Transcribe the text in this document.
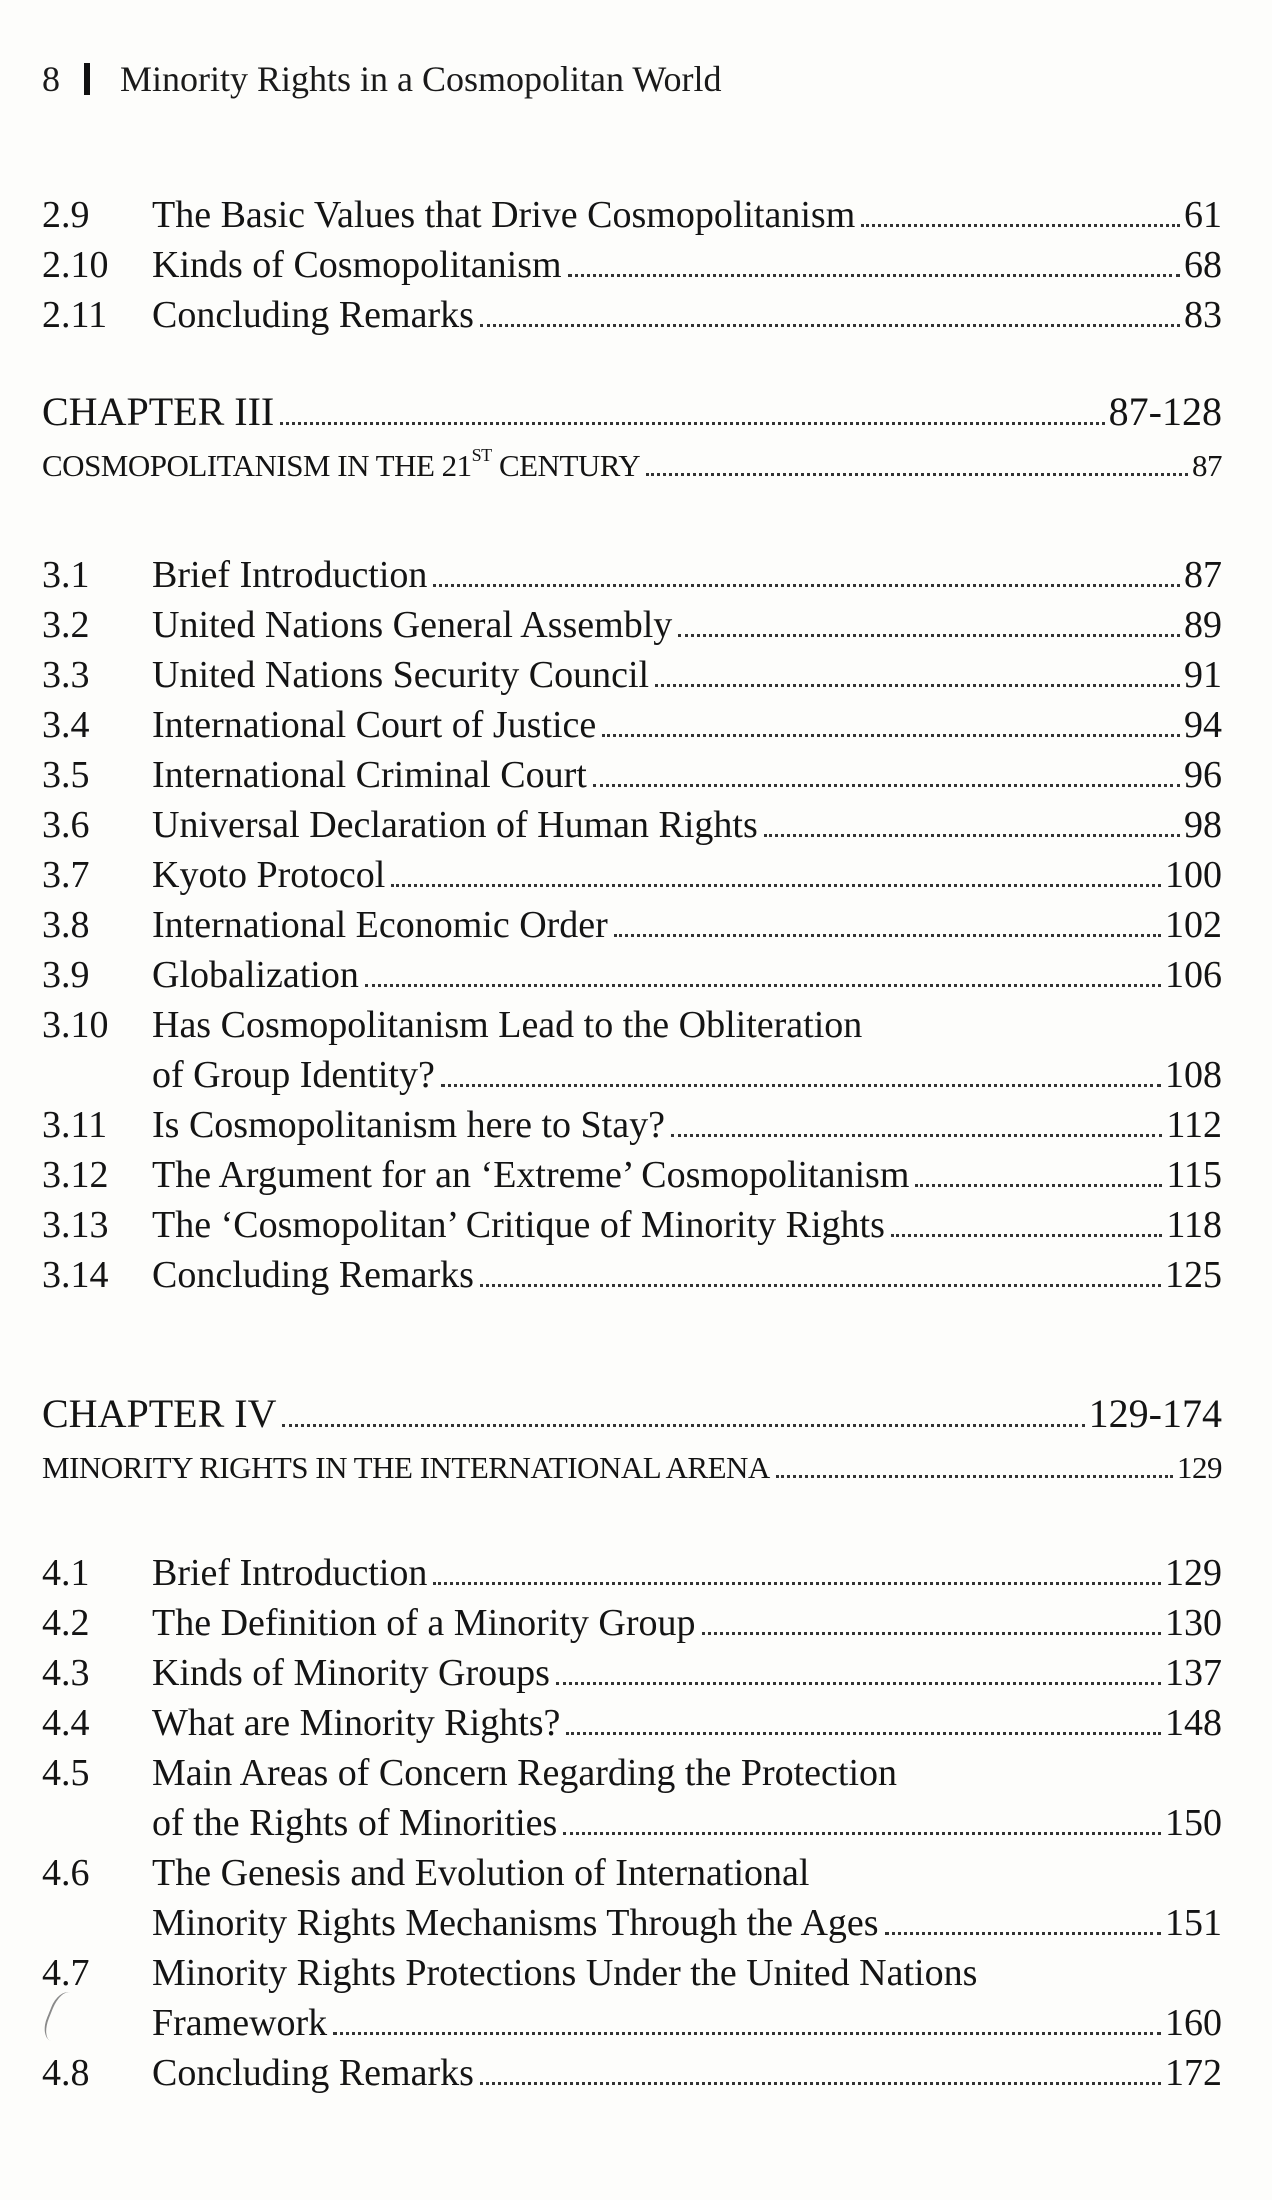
8 Minority Rights in a Cosmopolitan World
2.9 The Basic Values that Drive Cosmopolitanism	61
2.10 Kinds of Cosmopolitanism	68
2.11 Concluding Remarks	83
CHAPTER III	87-128
COSMOPOLITANISM IN THE 21ST CENTURY	87
3.1 Brief Introduction	87
3.2 United Nations General Assembly	89
3.3 United Nations Security Council	91
3.4 International Court of Justice	94
3.5 International Criminal Court	96
3.6 Universal Declaration of Human Rights	98
3.7 Kyoto Protocol	100
3.8 International Economic Order	102
3.9 Globalization	106
3.10 Has Cosmopolitanism Lead to the Obliteration
of Group Identity?	108
3.11 Is Cosmopolitanism here to Stay?	112
3.12 The Argument for an ‘Extreme’ Cosmopolitanism	115
3.13 The ‘Cosmopolitan’ Critique of Minority Rights	118
3.14 Concluding Remarks	125
CHAPTER IV	129-174
MINORITY RIGHTS IN THE INTERNATIONAL ARENA	129
4.1 Brief Introduction	129
4.2 The Definition of a Minority Group	130
4.3 Kinds of Minority Groups	137
4.4 What are Minority Rights?	148
4.5 Main Areas of Concern Regarding the Protection
of the Rights of Minorities	150
4.6 The Genesis and Evolution of International
Minority Rights Mechanisms Through the Ages	151
4.7 Minority Rights Protections Under the United Nations
Framework	160
4.8 Concluding Remarks	172
